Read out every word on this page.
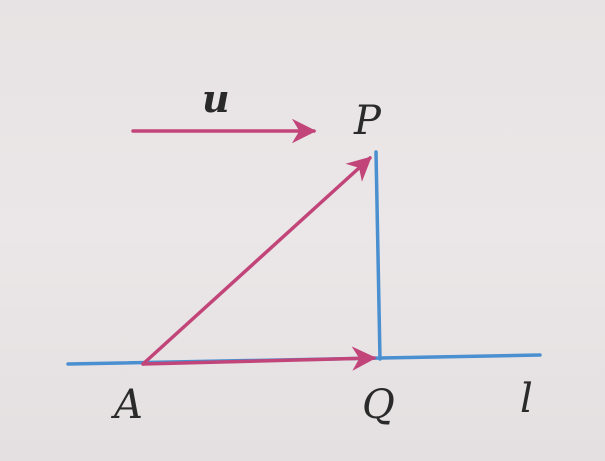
u	P
A	Q	l
